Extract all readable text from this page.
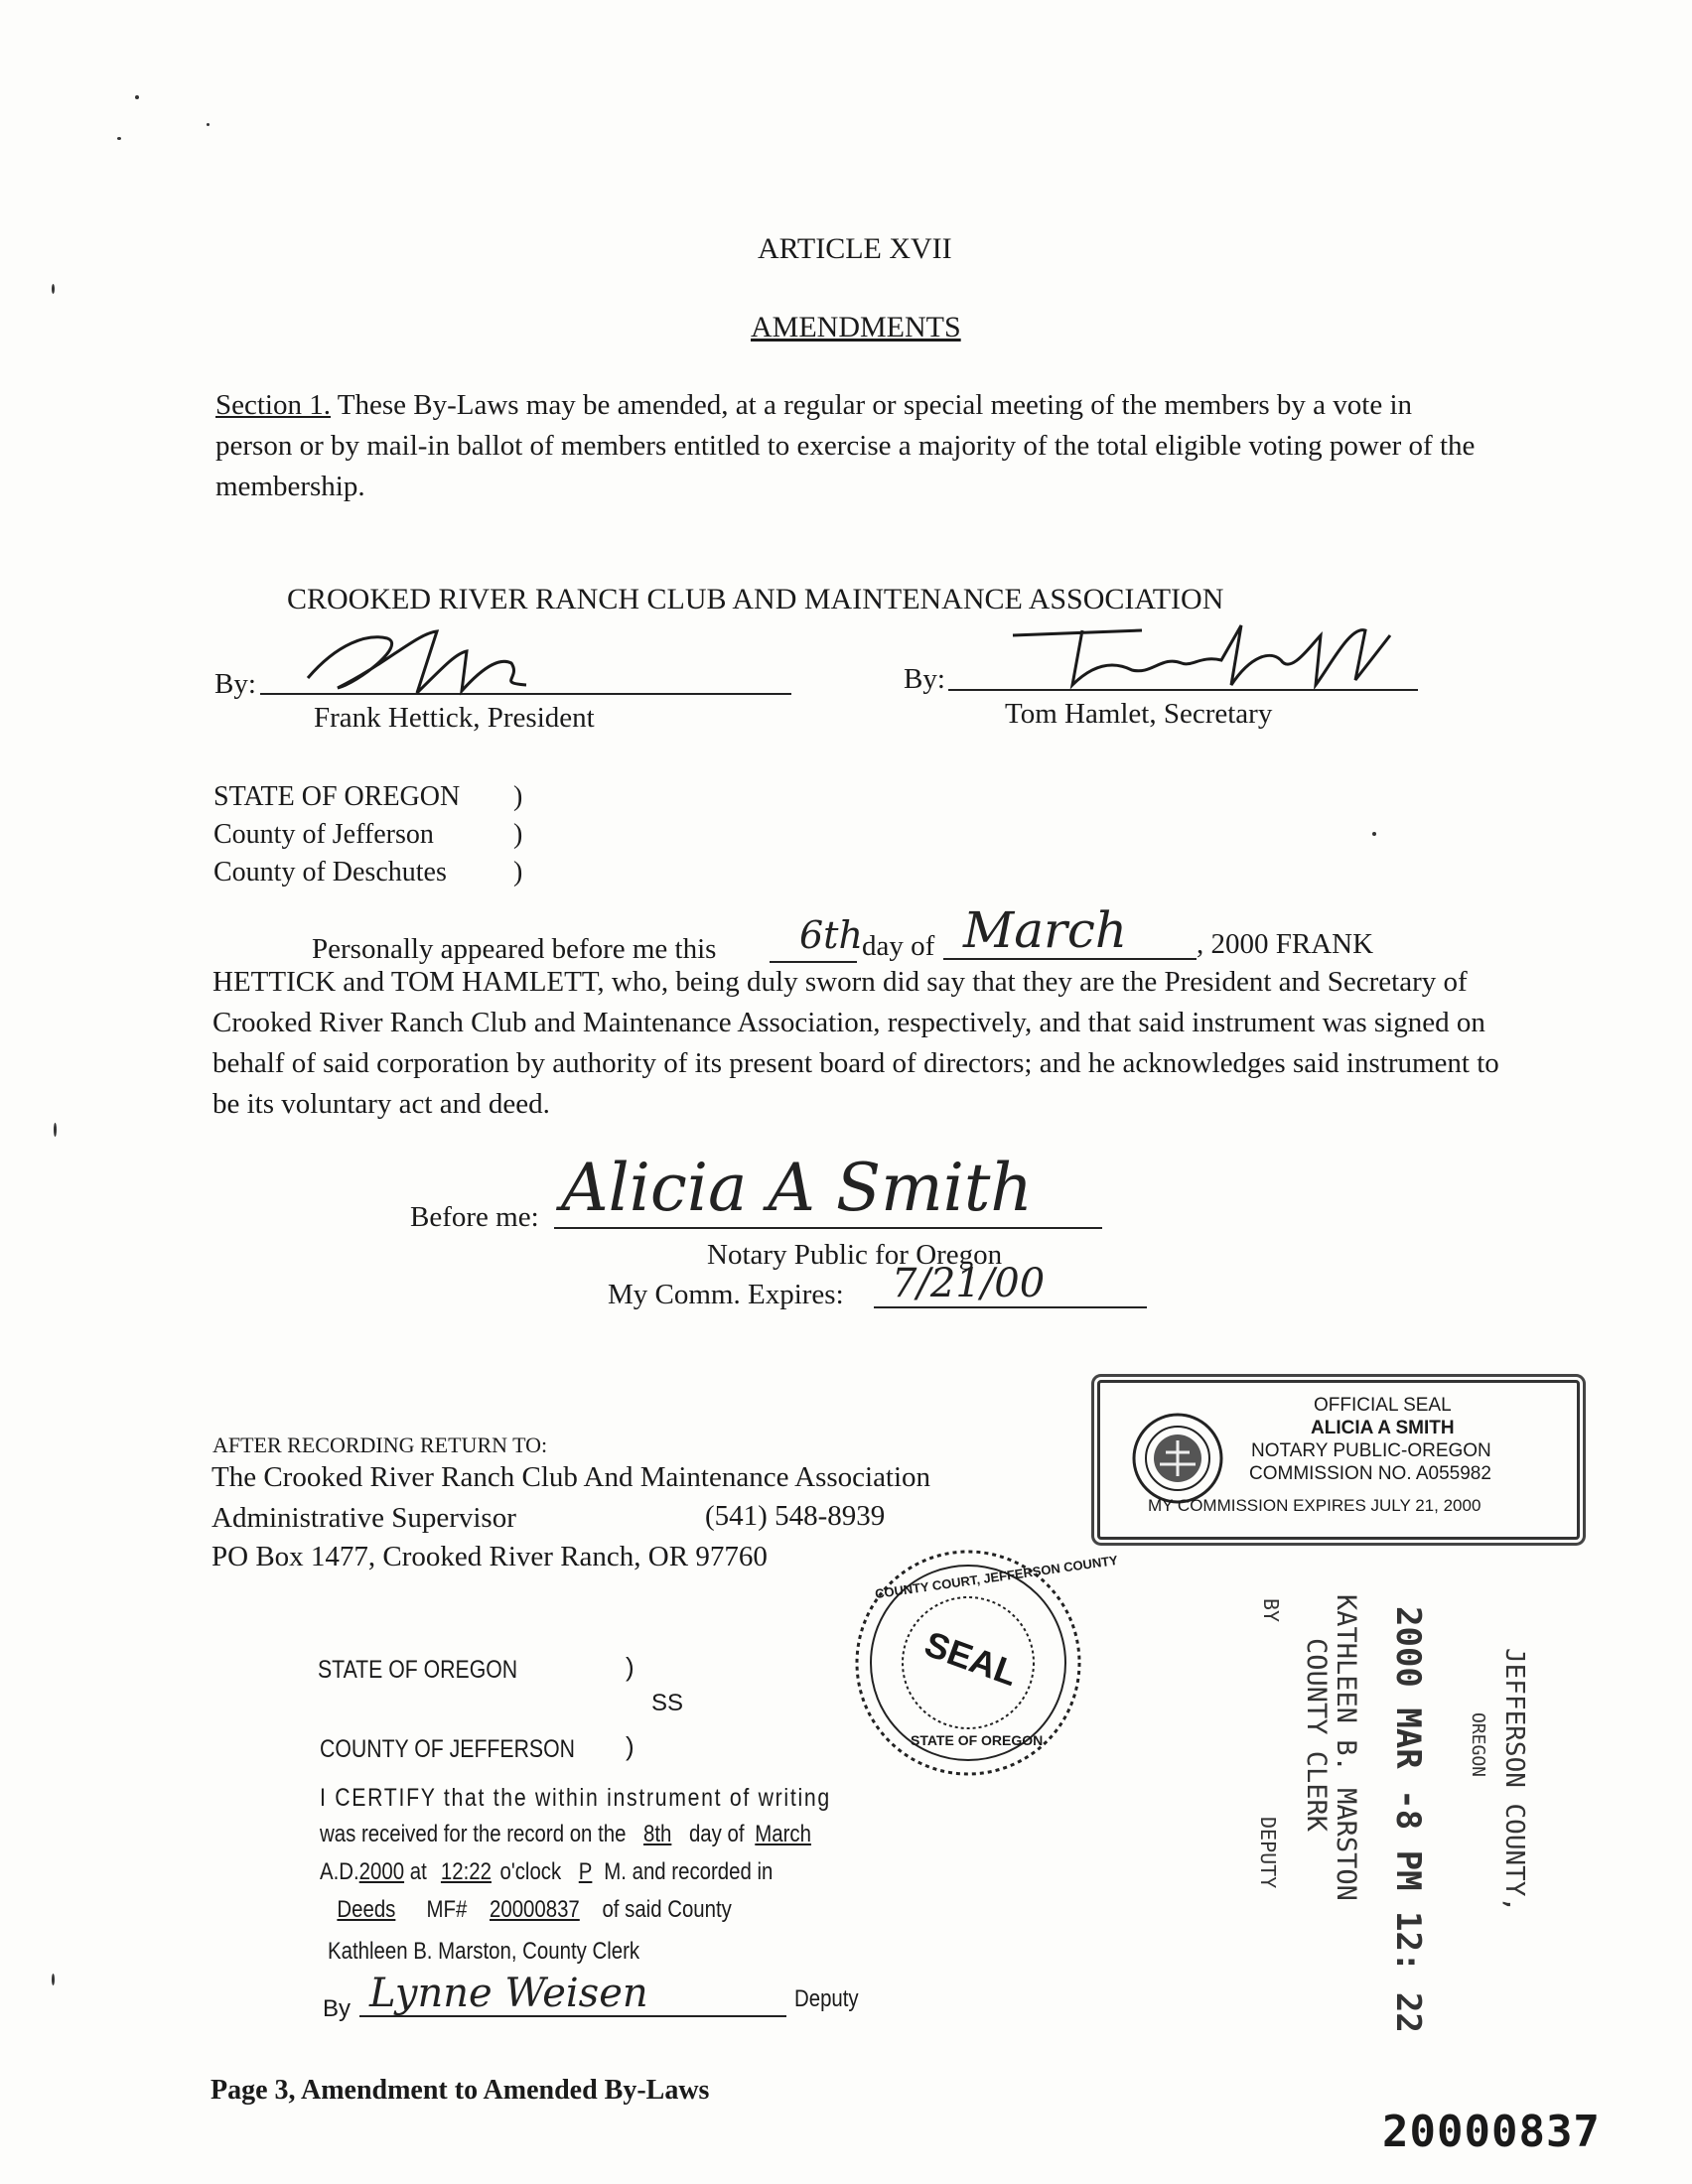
ARTICLE XVII
AMENDMENTS
Section 1. These By-Laws may be amended, at a regular or special meeting of the members by a vote in person or by mail-in ballot of members entitled to exercise a majority of the total eligible voting power of the membership.
CROOKED RIVER RANCH CLUB AND MAINTENANCE ASSOCIATION
By:
Frank Hettick, President
By:
Tom Hamlet, Secretary
STATE OF OREGON )
County of Jefferson	)
County of Deschutes )
Personally appeared before me this 6th day of March , 2000 FRANK
HETTICK and TOM HAMLETT, who, being duly sworn did say that they are the President and Secretary of Crooked River Ranch Club and Maintenance Association, respectively, and that said instrument was signed on behalf of said corporation by authority of its present board of directors; and he acknowledges said instrument to be its voluntary act and deed.
Before me: Alicia A Smith
Notary Public for Oregon
My Comm. Expires: 7/21/00
OFFICIAL SEAL
ALICIA A SMITH
NOTARY PUBLIC-OREGON
COMMISSION NO. A055982
MY COMMISSION EXPIRES JULY 21, 2000
AFTER RECORDING RETURN TO:
The Crooked River Ranch Club And Maintenance Association
Administrative Supervisor	(541) 548-8939
PO Box 1477, Crooked River Ranch, OR 97760	COUNTY COURT, JEFFERSON COUNTY
SEAL
STATE OF OREGON
STATE OF OREGON	)
SS
COUNTY OF JEFFERSON )
I CERTIFY that the within instrument of writing
was received for the record on the 8th day of March
A.D.2000 at 12:22 o'clock P M. and recorded in
Deeds MF# 20000837 of said County
Kathleen B. Marston, County Clerk
By Lynne Weisen	Deputy
JEFFERSON COUNTY,
OREGON
2000 MAR -8 PM 12: 22
KATHLEEN B. MARSTON
COUNTY CLERK
BY
DEPUTY
Page 3, Amendment to Amended By-Laws
20000837
